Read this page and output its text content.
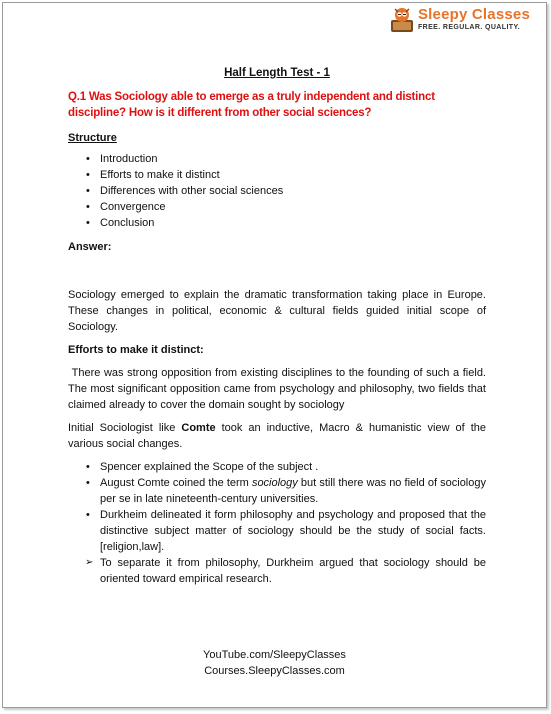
Sleepy Classes
FREE. REGULAR. QUALITY.
Half Length Test - 1
Q.1 Was Sociology able to emerge as a truly independent and distinct discipline? How is it different from other social sciences?
Structure
• Introduction
• Efforts to make it distinct
• Differences with other social sciences
• Convergence
• Conclusion
Answer:

Sociology emerged to explain the dramatic transformation taking place in Europe. These changes in political, economic & cultural fields guided initial scope of Sociology.

Efforts to make it distinct:

There was strong opposition from existing disciplines to the founding of such a field. The most significant opposition came from psychology and philosophy, two fields that claimed already to cover the domain sought by sociology

Initial Sociologist like Comte took an inductive, Macro & humanistic view of the various social changes.

• Spencer explained the Scope of the subject .
• August Comte coined the term sociology but still there was no field of sociology per se in late nineteenth-century universities.
• Durkheim delineated it form philosophy and psychology and proposed that the distinctive subject matter of sociology should be the study of social facts.[religion,law].
➢ To separate it from philosophy, Durkheim argued that sociology should be oriented toward empirical research.
YouTube.com/SleepyClasses
Courses.SleepyClasses.com
